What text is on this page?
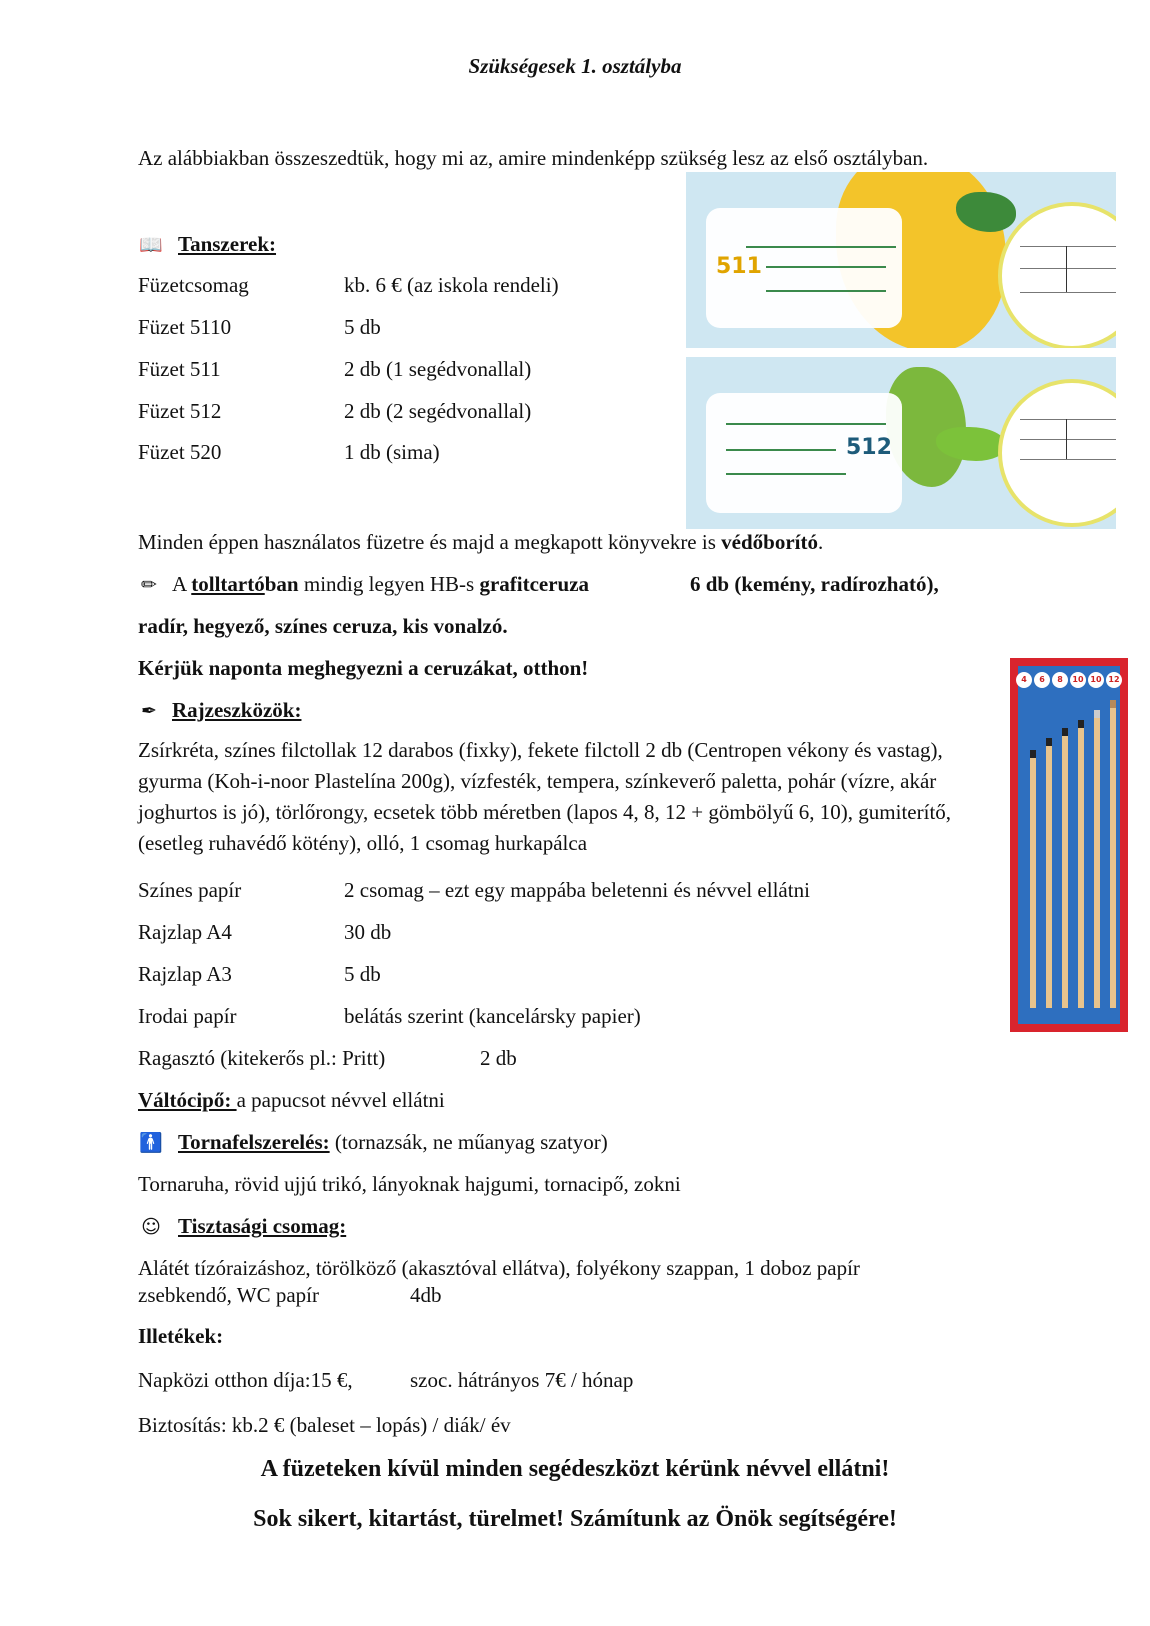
Szükségesek 1. osztályba
Az alábbiakban összeszedtük, hogy mi az, amire mindenképp szükség lesz az első osztályban.
📖 Tanszerek:
Füzetcsomag	kb. 6 € (az iskola rendeli)
Füzet 5110	5 db
Füzet 511	2 db (1 segédvonallal)
Füzet 512	2 db (2 segédvonallal)
Füzet 520	1 db (sima)
511
512
Minden éppen használatos füzetre és majd a megkapott könyvekre is védőborító.
✏ A tolltartóban mindig legyen HB-s grafitceruza	6 db (kemény, radírozható),
radír, hegyező, színes ceruza, kis vonalzó.
Kérjük naponta meghegyezni a ceruzákat, otthon!
✒ Rajzeszközök:
Zsírkréta, színes filctollak 12 darabos (fixky), fekete filctoll 2 db (Centropen vékony és vastag), gyurma (Koh-i-noor Plastelína 200g), vízfesték, tempera, színkeverő paletta, pohár (vízre, akár joghurtos is jó), törlőrongy, ecsetek több méretben (lapos 4, 8, 12 + gömbölyű 6, 10), gumiterítő, (esetleg ruhavédő kötény), olló, 1 csomag hurkapálca
4	6	8	10 10 12
Színes papír	2 csomag – ezt egy mappába beletenni és névvel ellátni
Rajzlap A4	30 db
Rajzlap A3	5 db
Irodai papír	belátás szerint (kancelársky papier)
Ragasztó (kitekerős pl.: Pritt)	2 db
Váltócipő: a papucsot névvel ellátni
🚹 Tornafelszerelés: (tornazsák, ne műanyag szatyor)
Tornaruha, rövid ujjú trikó, lányoknak hajgumi, tornacipő, zokni
☺ Tisztasági csomag:
Alátét tízóraizáshoz, törölköző (akasztóval ellátva), folyékony szappan, 1 doboz papír
zsebkendő, WC papír	4db
Illetékek:
Napközi otthon díja:15 €,	szoc. hátrányos 7€ / hónap
Biztosítás: kb.2 € (baleset – lopás) / diák/ év
A füzeteken kívül minden segédeszközt kérünk névvel ellátni!
Sok sikert, kitartást, türelmet! Számítunk az Önök segítségére!
